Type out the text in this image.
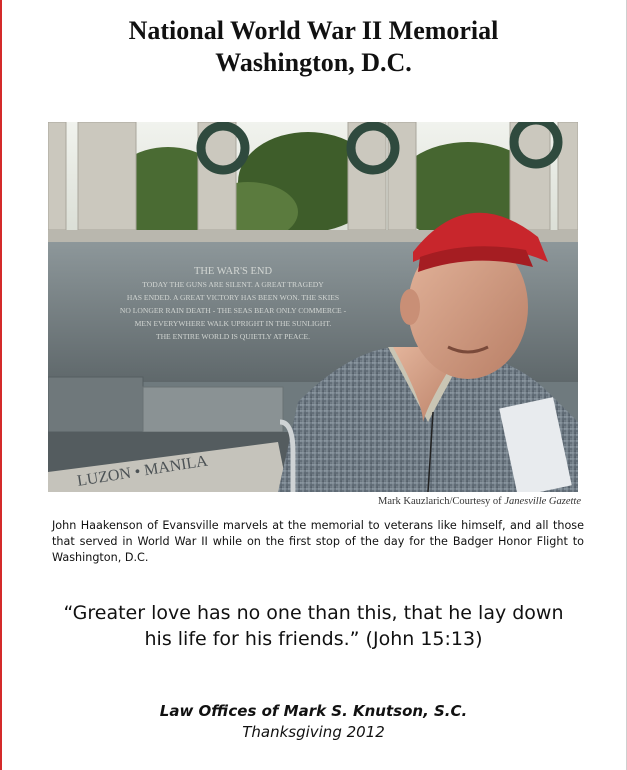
National World War II Memorial
Washington, D.C.
THE WAR'S END
TODAY THE GUNS ARE SILENT. A GREAT TRAGEDY
HAS ENDED. A GREAT VICTORY HAS BEEN WON. THE SKIES
NO LONGER RAIN DEATH - THE SEAS BEAR ONLY COMMERCE -
MEN EVERYWHERE WALK UPRIGHT IN THE SUNLIGHT.
THE ENTIRE WORLD IS QUIETLY AT PEACE.
LUZON • MANILA
Mark Kauzlarich/Courtesy of Janesville Gazette
John Haakenson of Evansville marvels at the memorial to veterans like himself, and all those that served in World War II while on the first stop of the day for the Badger Honor Flight to Washington, D.C.
“Greater love has no one than this, that he lay down
his life for his friends.” (John 15:13)
Law Offices of Mark S. Knutson, S.C.
Thanksgiving 2012
